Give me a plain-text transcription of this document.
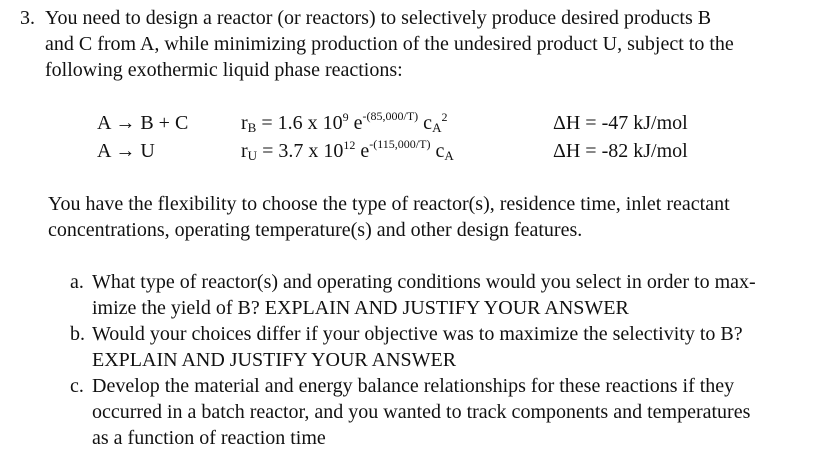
3. You need to design a reactor (or reactors) to selectively produce desired products B
and C from A, while minimizing production of the undesired product U, subject to the
following exothermic liquid phase reactions:
A → B + C	$r_B = 1.6$ x $10^9$ $e^{-(85,000/T)}$ $c_A^2$	ΔH = -47 kJ/mol
A → U	$r_U = 3.7$ x $10^{12}$ $e^{-(115,000/T)}$ $c_A$	ΔH = -82 kJ/mol
You have the flexibility to choose the type of reactor(s), residence time, inlet reactant
concentrations, operating temperature(s) and other design features.
a. What type of reactor(s) and operating conditions would you select in order to max-
imize the yield of B? EXPLAIN AND JUSTIFY YOUR ANSWER
b. Would your choices differ if your objective was to maximize the selectivity to B?
EXPLAIN AND JUSTIFY YOUR ANSWER
c. Develop the material and energy balance relationships for these reactions if they
occurred in a batch reactor, and you wanted to track components and temperatures
as a function of reaction time
